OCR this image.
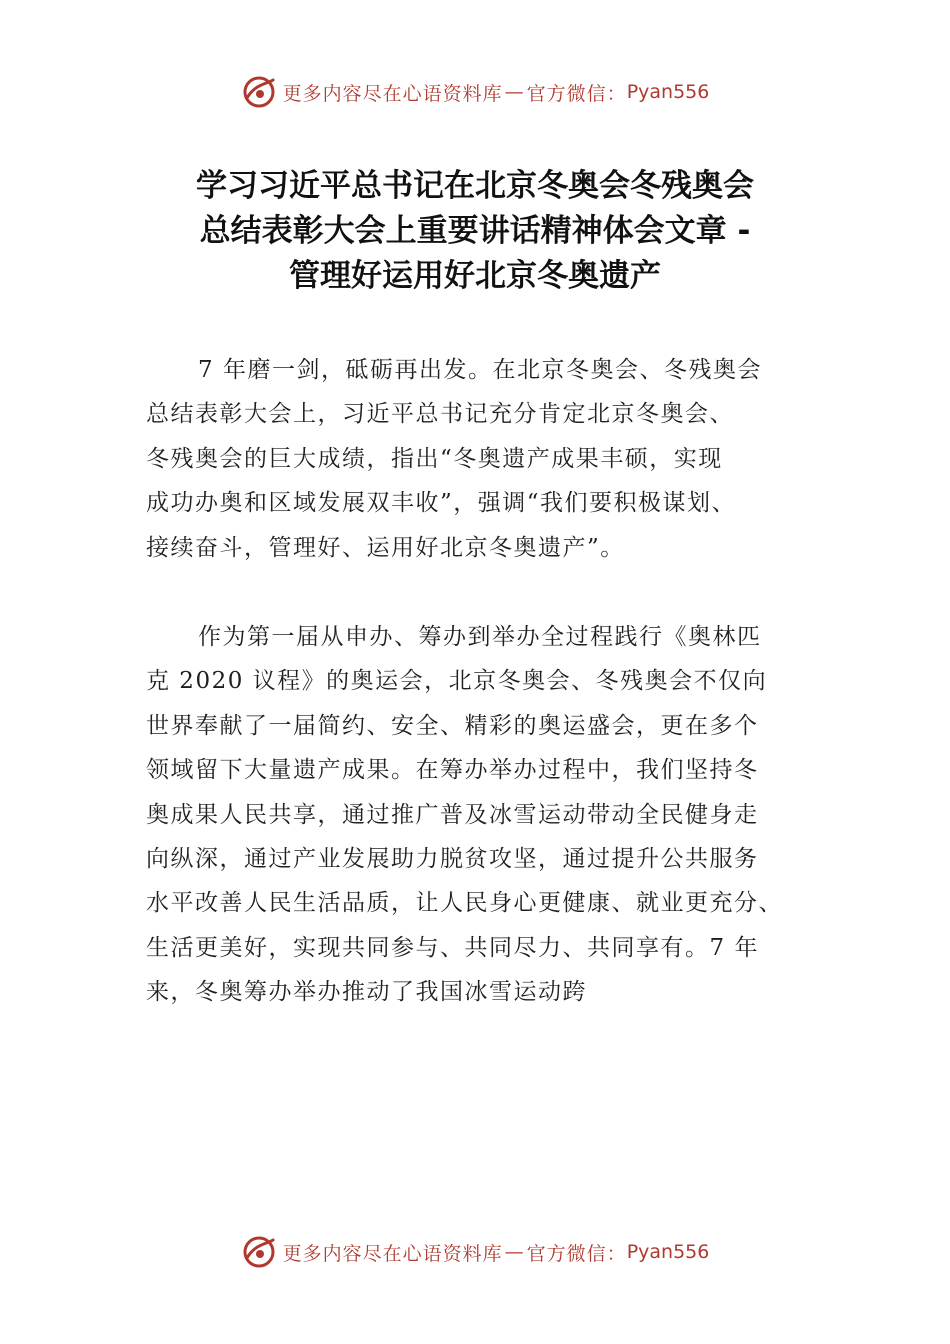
更多内容尽在心语资料库 — 官方微信： Pyan556
学习习近平总书记在北京冬奥会冬残奥会
总结表彰大会上重要讲话精神体会文章 -
管理好运用好北京冬奥遗产
7 年磨一剑，砥砺再出发。在北京冬奥会、冬残奥会
总结表彰大会上，习近平总书记充分肯定北京冬奥会、
冬残奥会的巨大成绩，指出“冬奥遗产成果丰硕，实现
成功办奥和区域发展双丰收”，强调“我们要积极谋划、
接续奋斗，管理好、运用好北京冬奥遗产”。
作为第一届从申办、筹办到举办全过程践行《奥林匹
克 2020 议程》的奥运会，北京冬奥会、冬残奥会不仅向
世界奉献了一届简约、安全、精彩的奥运盛会，更在多个
领域留下大量遗产成果。在筹办举办过程中，我们坚持冬
奥成果人民共享，通过推广普及冰雪运动带动全民健身走
向纵深，通过产业发展助力脱贫攻坚，通过提升公共服务
水平改善人民生活品质，让人民身心更健康、就业更充分、
生活更美好，实现共同参与、共同尽力、共同享有。7 年
来，冬奥筹办举办推动了我国冰雪运动跨
更多内容尽在心语资料库 — 官方微信： Pyan556
